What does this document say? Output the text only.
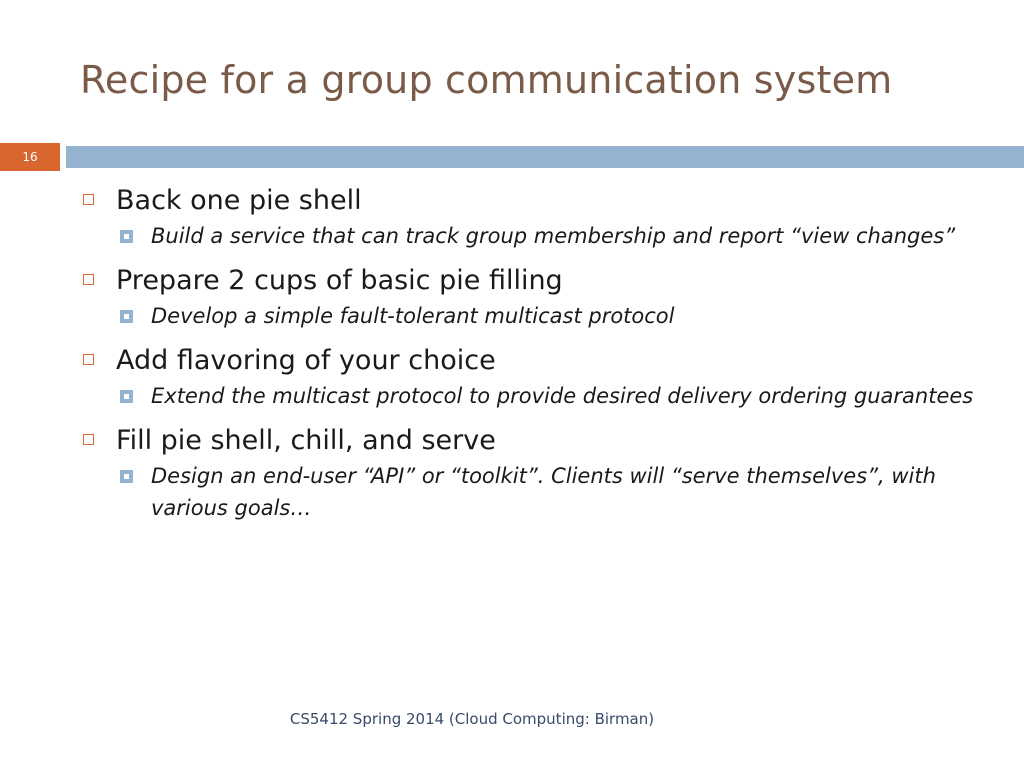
Recipe for a group communication system
16
Back one pie shell
Build a service that can track group membership and report “view changes”
Prepare 2 cups of basic pie filling
Develop a simple fault-tolerant multicast protocol
Add flavoring of your choice
Extend the multicast protocol to provide desired delivery ordering guarantees
Fill pie shell, chill, and serve
Design an end-user “API” or “toolkit”. Clients will “serve themselves”, with various goals…
CS5412 Spring 2014 (Cloud Computing: Birman)
